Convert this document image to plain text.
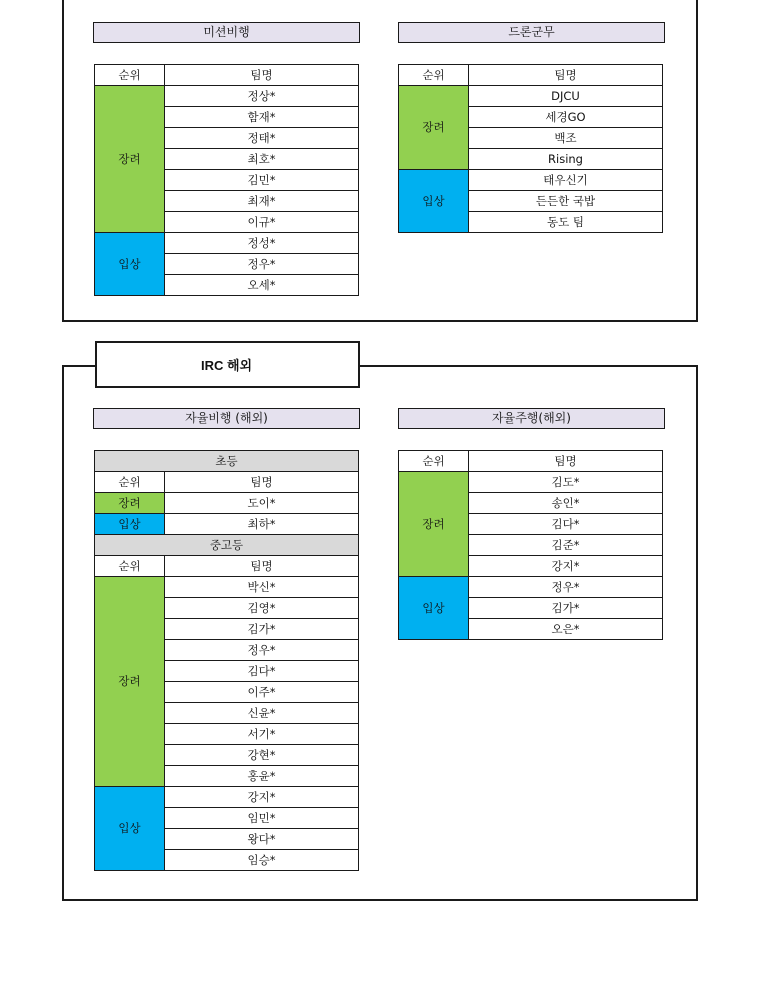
미션비행	드론군무
순위	팀명
장려	정상*
	함재*
	정태*
	최호*
	김민*
	최재*
	이규*
입상	정성*
	정우*
	오세*
순위	팀명
장려	DJCU
	세경GO
	백조
	Rising
입상	태우신기
	든든한 국밥
	동도 팀
IRC 해외
자율비행 (해외)	자율주행(해외)
초등	
순위	팀명
장려	도이*
입상	최하*
중고등	
순위	팀명
장려	박신*
	김영*
	김가*
	정우*
	김다*
	이주*
	신윤*
	서기*
	강현*
	홍윤*
입상	강지*
	임민*
	왕다*
	임승*
순위	팀명
장려	김도*
	송인*
	김다*
	김준*
	강지*
입상	정우*
	김가*
	오은*
